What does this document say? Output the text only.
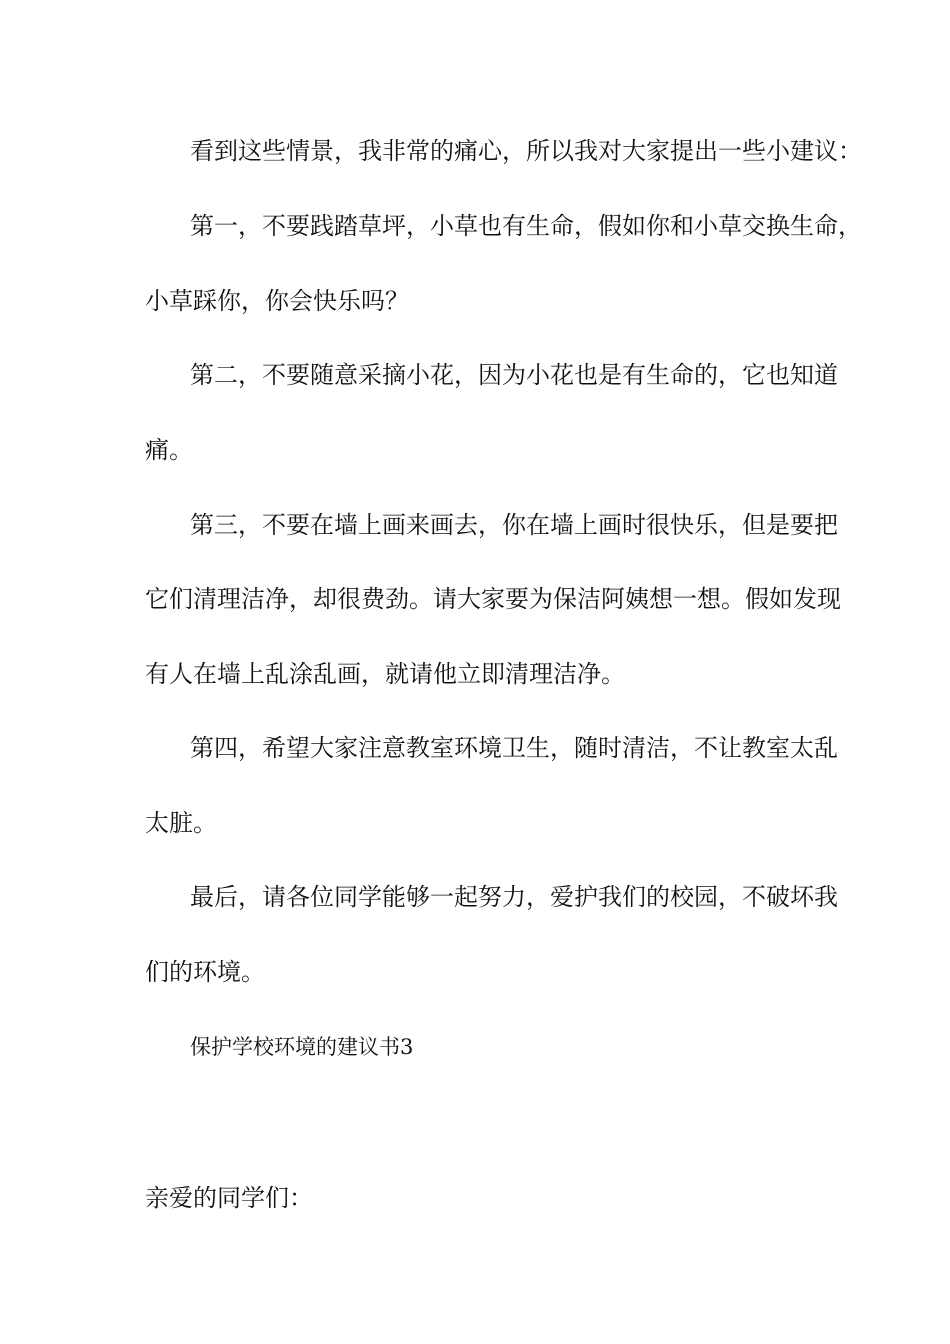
看到这些情景，我非常的痛心，所以我对大家提出一些小建议：
第一，不要践踏草坪，小草也有生命，假如你和小草交换生命，
小草踩你，你会快乐吗？
第二，不要随意采摘小花，因为小花也是有生命的，它也知道
痛。
第三，不要在墙上画来画去，你在墙上画时很快乐，但是要把
它们清理洁净，却很费劲。请大家要为保洁阿姨想一想。假如发现
有人在墙上乱涂乱画，就请他立即清理洁净。
第四，希望大家注意教室环境卫生，随时清洁，不让教室太乱
太脏。
最后，请各位同学能够一起努力，爱护我们的校园，不破坏我
们的环境。
保护学校环境的建议书3
亲爱的同学们：
